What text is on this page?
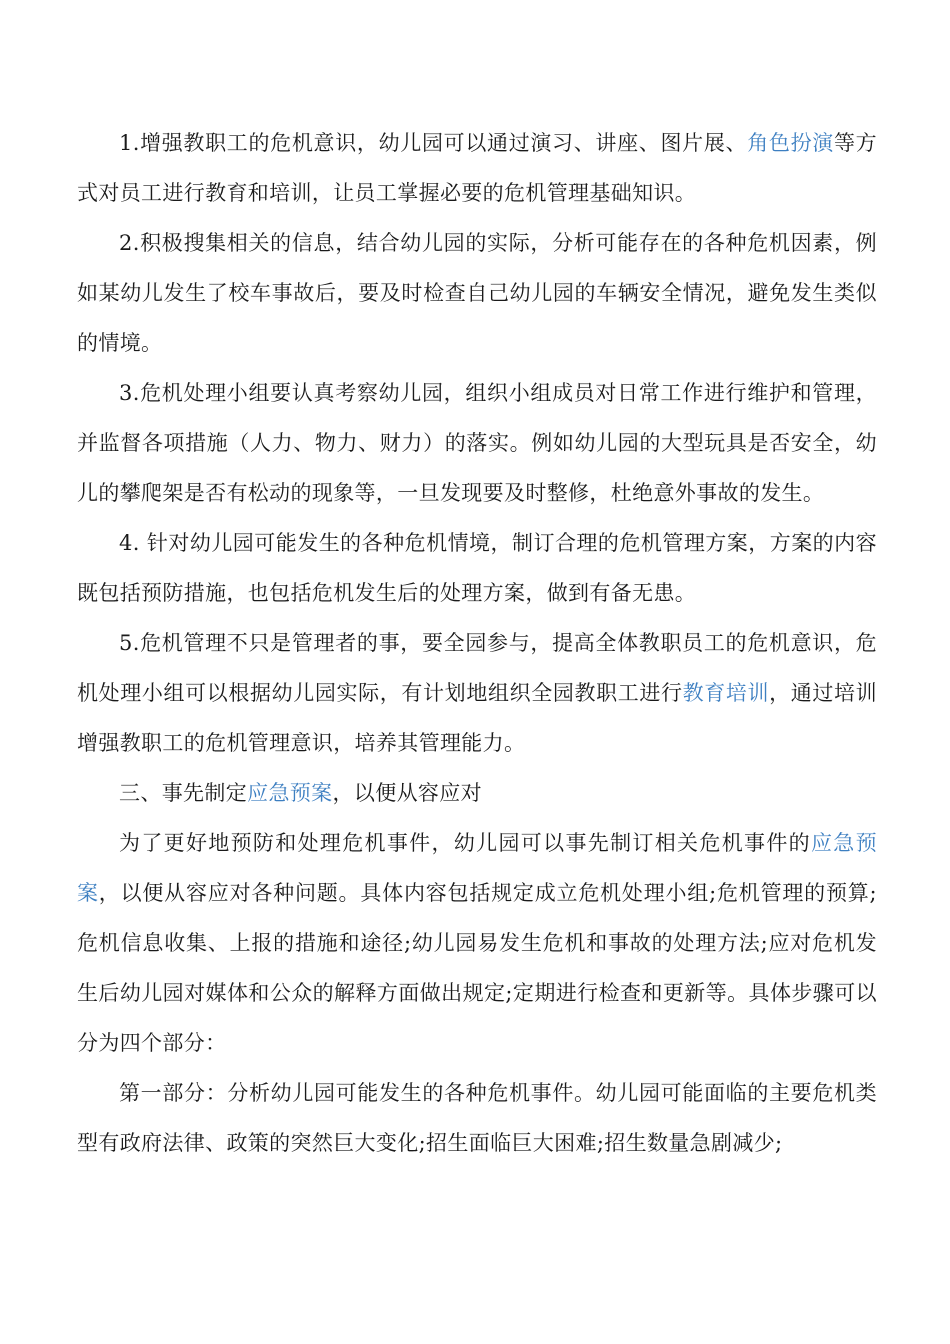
1.增强教职工的危机意识，幼儿园可以通过演习、讲座、图片展、角色扮演等方式对员工进行教育和培训，让员工掌握必要的危机管理基础知识。

2.积极搜集相关的信息，结合幼儿园的实际，分析可能存在的各种危机因素，例如某幼儿发生了校车事故后，要及时检查自己幼儿园的车辆安全情况，避免发生类似的情境。

3.危机处理小组要认真考察幼儿园，组织小组成员对日常工作进行维护和管理，并监督各项措施（人力、物力、财力）的落实。例如幼儿园的大型玩具是否安全，幼儿的攀爬架是否有松动的现象等，一旦发现要及时整修，杜绝意外事故的发生。

4. 针对幼儿园可能发生的各种危机情境，制订合理的危机管理方案，方案的内容既包括预防措施，也包括危机发生后的处理方案，做到有备无患。

5.危机管理不只是管理者的事，要全园参与，提高全体教职员工的危机意识，危机处理小组可以根据幼儿园实际，有计划地组织全园教职工进行教育培训，通过培训增强教职工的危机管理意识，培养其管理能力。

三、事先制定应急预案，以便从容应对

为了更好地预防和处理危机事件，幼儿园可以事先制订相关危机事件的应急预案，以便从容应对各种问题。具体内容包括规定成立危机处理小组;危机管理的预算;危机信息收集、上报的措施和途径;幼儿园易发生危机和事故的处理方法;应对危机发生后幼儿园对媒体和公众的解释方面做出规定;定期进行检查和更新等。具体步骤可以分为四个部分：

第一部分：分析幼儿园可能发生的各种危机事件。幼儿园可能面临的主要危机类型有政府法律、政策的突然巨大变化;招生面临巨大困难;招生数量急剧减少;
